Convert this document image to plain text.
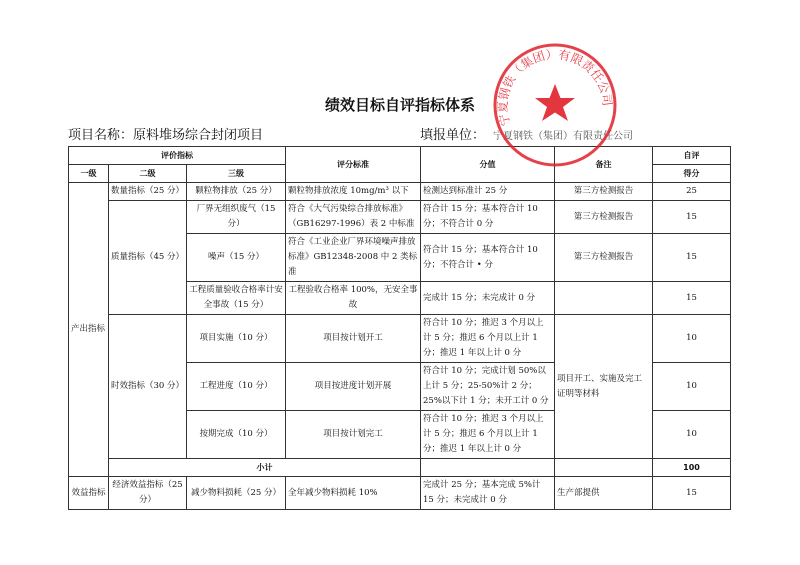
绩效目标自评指标体系
项目名称：原料堆场综合封闭项目	填报单位： 宁夏钢铁（集团）有限责任公司
评价指标			评分标准	分值	备注	自评
一级	二级	三级				得分
产出指标	数量指标（25 分）	颗粒物排放（25 分）	颗粒物排放浓度 10mg/m³ 以下	检测达到标准计 25 分	第三方检测报告	25
	质量指标（45 分）	厂界无组织废气（15 分）	符合《大气污染综合排放标准》（GB16297-1996）表 2 中标准	符合计 15 分；基本符合计 10 分；不符合计 0 分	第三方检测报告	15
		噪声（15 分）	符合《工业企业厂界环境噪声排放标准》GB12348-2008 中 2 类标准	符合计 15 分；基本符合计 10 分；不符合计 • 分	第三方检测报告	15
		工程质量验收合格率计安全事故（15 分）	工程验收合格率 100%，无安全事故	完成计 15 分；未完成计 0 分		15
	时效指标（30 分）	项目实施（10 分）	项目按计划开工	符合计 10 分；推迟 3 个月以上计 5 分；推迟 6 个月以上计 1 分；推迟 1 年以上计 0 分	项目开工、实施及完工证明等材料	10
		工程进度（10 分）	项目按进度计划开展	符合计 10 分；完成计划 50%以上计 5 分；25-50%计 2 分；25%以下计 1 分；未开工计 0 分		10
		按期完成（10 分）	项目按计划完工	符合计 10 分；推迟 3 个月以上计 5 分；推迟 6 个月以上计 1 分；推迟 1 年以上计 0 分		10
	小计					100
效益指标	经济效益指标（25 分）	减少物料损耗（25 分）	全年减少物料损耗 10%	完成计 25 分；基本完成 5%计 15 分；未完成计 0 分	生产部提供	15
宁夏钢铁（集团）有限责任公司
